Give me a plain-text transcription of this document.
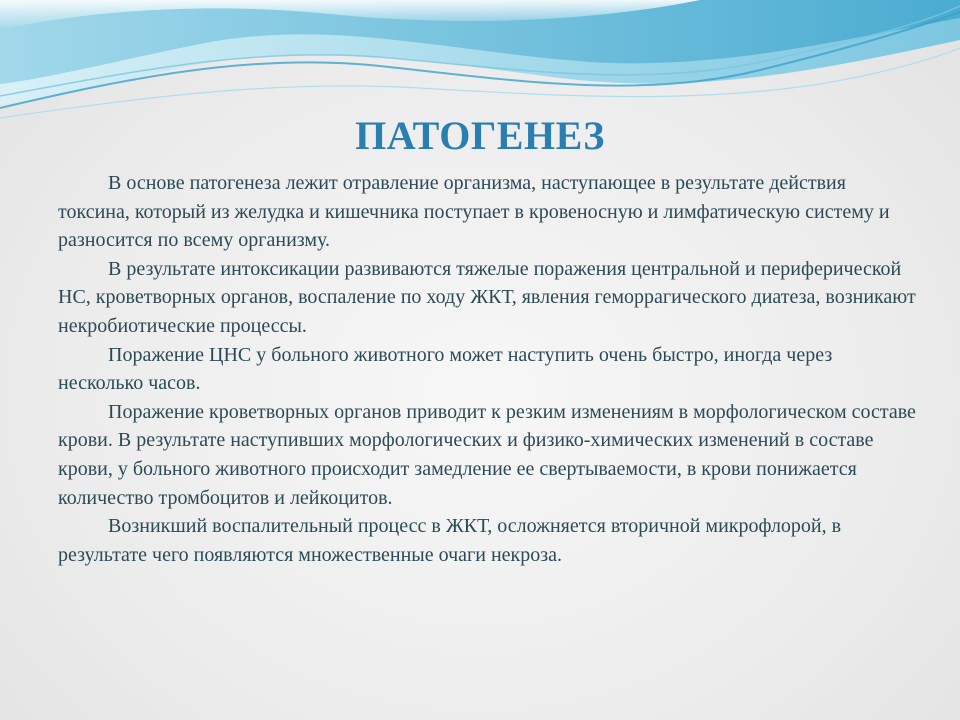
ПАТОГЕНЕЗ

В основе патогенеза лежит отравление организма, наступающее в результате действия токсина, который из желудка и кишечника поступает в кровеносную и лимфатическую систему и разносится по всему организму.

В результате интоксикации развиваются тяжелые поражения центральной и периферической НС, кроветворных органов, воспаление по ходу ЖКТ, явления геморрагического диатеза, возникают некробиотические процессы.

Поражение ЦНС у больного животного может наступить очень быстро, иногда через несколько часов.

Поражение кроветворных органов приводит к резким изменениям в морфологическом составе крови. В результате наступивших морфологических и физико-химических изменений в составе крови, у больного животного происходит замедление ее свертываемости, в крови понижается количество тромбоцитов и лейкоцитов.

Возникший воспалительный процесс в ЖКТ, осложняется вторичной микрофлорой, в результате чего появляются множественные очаги некроза.
